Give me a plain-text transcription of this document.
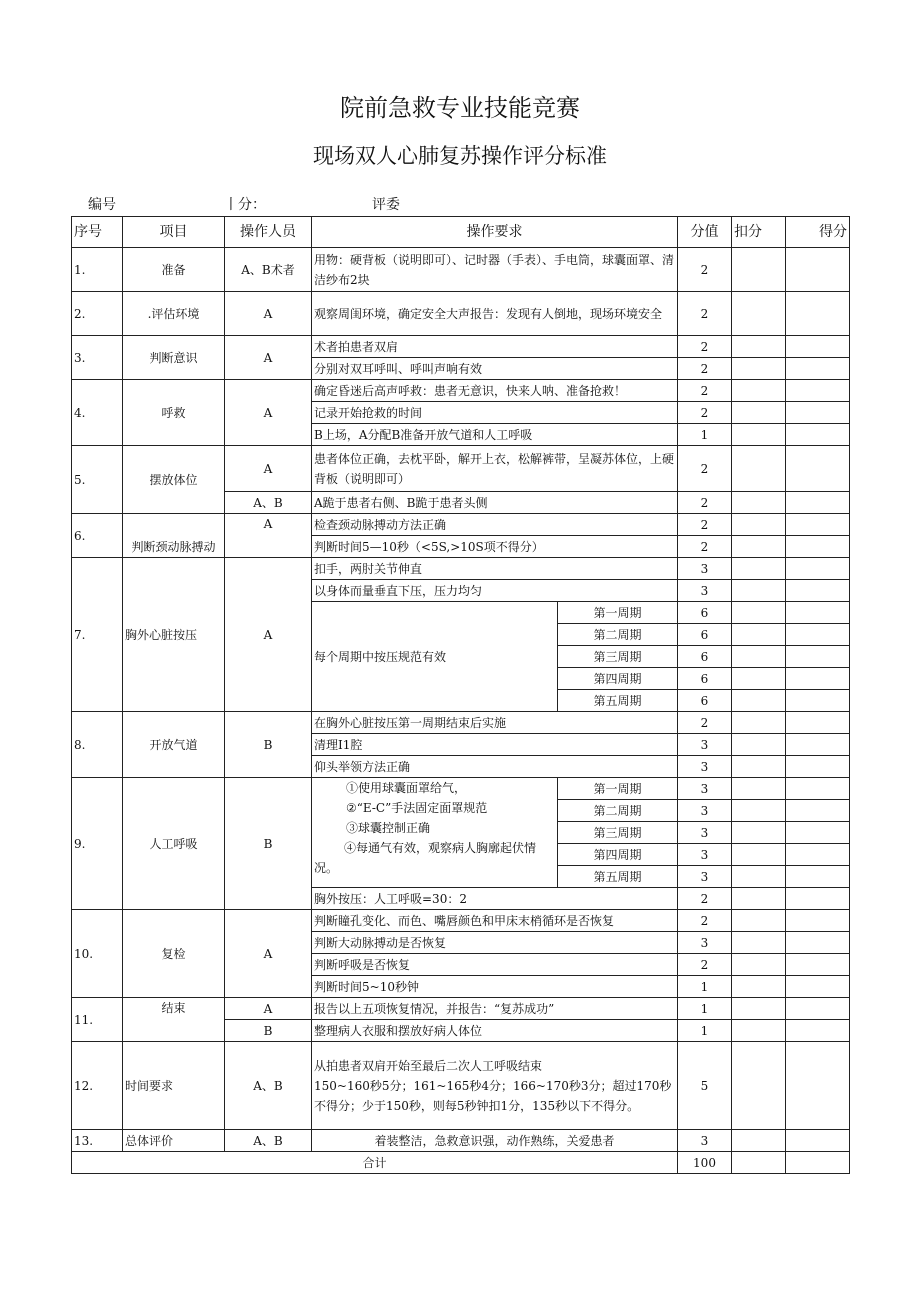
院前急救专业技能竞赛
现场双人心肺复苏操作评分标准
编号	丨分：	评委
序号	项目	操作人员	操作要求		分值	扣分	得分
1.	准备	A、B术者	用物：硬背板（说明即可）、记时器（手表）、手电筒，球囊面罩、清洁纱布2块		2		
2.	.评估环境	A	观察周闺环境，确定安全大声报告：发现有人倒地，现场环境安全		2		
3.	判断意识	A	术者拍患者双肩		2		
			分别对双耳呼叫、呼叫声响有效		2		
4.	呼救	A	确定昏迷后高声呼救：患者无意识，快来人呐、准备抢救！		2		
			记录开始抢救的时间		2		
			B上场，A分配B准备开放气道和人工呼吸		1		
5.	摆放体位	A	患者体位正确，去枕平卧，解开上衣，松解裤带，呈凝苏体位，上硬背板（说明即可）		2		
		A、B	A跪于患者右侧、B跪于患者头侧		2		
6.	判断颈动脉搏动	A	检查颈动脉搏动方法正确		2		
			判断时间5—10秒（<5S,>10S项不得分）		2		
7.	胸外心脏按压	A	扣手，两肘关节伸直		3		
			以身体而量垂直下压，压力均匀		3		
			每个周期中按压规范有效	第一周期	6		
				第二周期	6		
				第三周期	6		
				第四周期	6		
				第五周期	6		
8.	开放气道	B	在胸外心脏按压第一周期结束后实施		2		
			清理I1腔		3		
			仰头举领方法正确		3		
9.	人工呼吸	B	①使用球囊面罩给气，
②“E-C”手法固定面罩规范
③球囊控制正确
④每通气有效，观察病人胸廓起伏情况。	第一周期	3		
				第二周期	3		
				第三周期	3		
				第四周期	3		
				第五周期	3		
			胸外按压：人工呼吸=30：2		2		
10.	复检	A	判断瞳孔变化、而色、嘴唇颜色和甲床末梢循环是否恢复		2		
			判断大动脉搏动是否恢复		3		
			判断呼吸是否恢复		2		
			判断时间5~10秒钟		1		
11.	结束	A	报告以上五项恢复情况，并报告：“复苏成功”		1		
		B	整理病人衣服和摆放好病人体位		1		
12.	时间要求	A、B	从拍患者双肩开始至最后二次人工呼吸结束
150~160秒5分；161~165秒4分；166~170秒3分；超过170秒不得分；少于150秒，则每5秒钟扣1分，135秒以下不得分。		5		
13.	总体评价	A、B	着装整洁，急救意识强，动作熟练，关爱患者		3		
合计					100		
